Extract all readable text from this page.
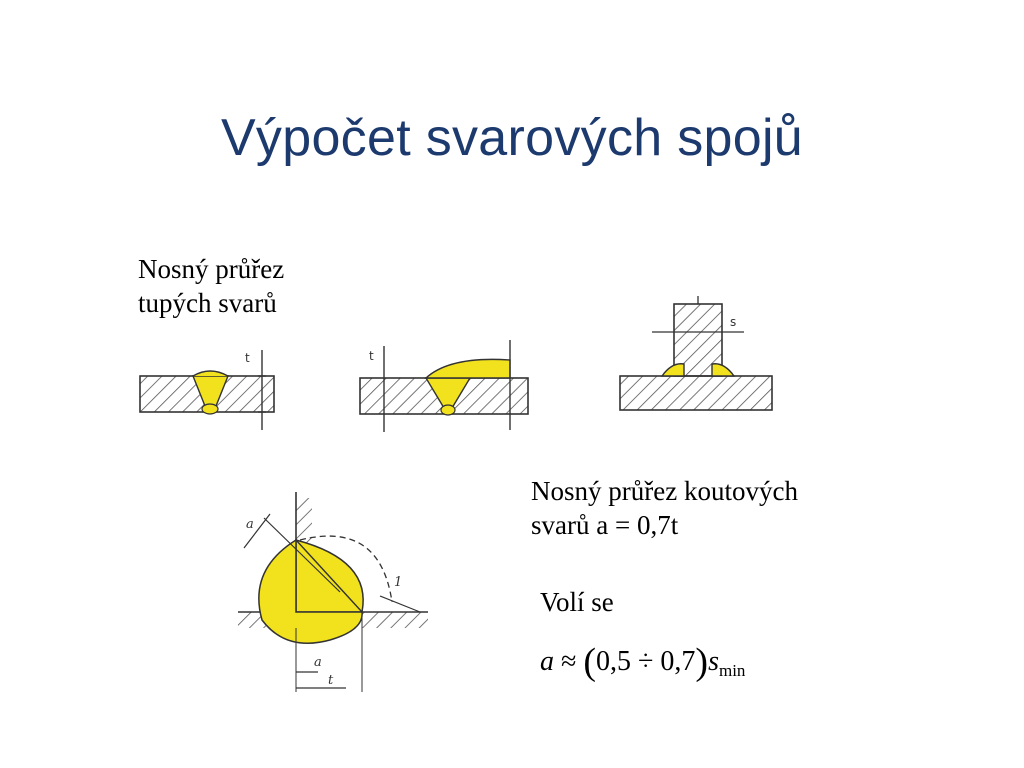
Výpočet svarových spojů
Nosný průřez
tupých svarů
Nosný průřez koutových
svarů a = 0,7t
Volí se
$a \approx (0,5 \div 0,7)s_{min}$
t	t
s
a
a
t
1
